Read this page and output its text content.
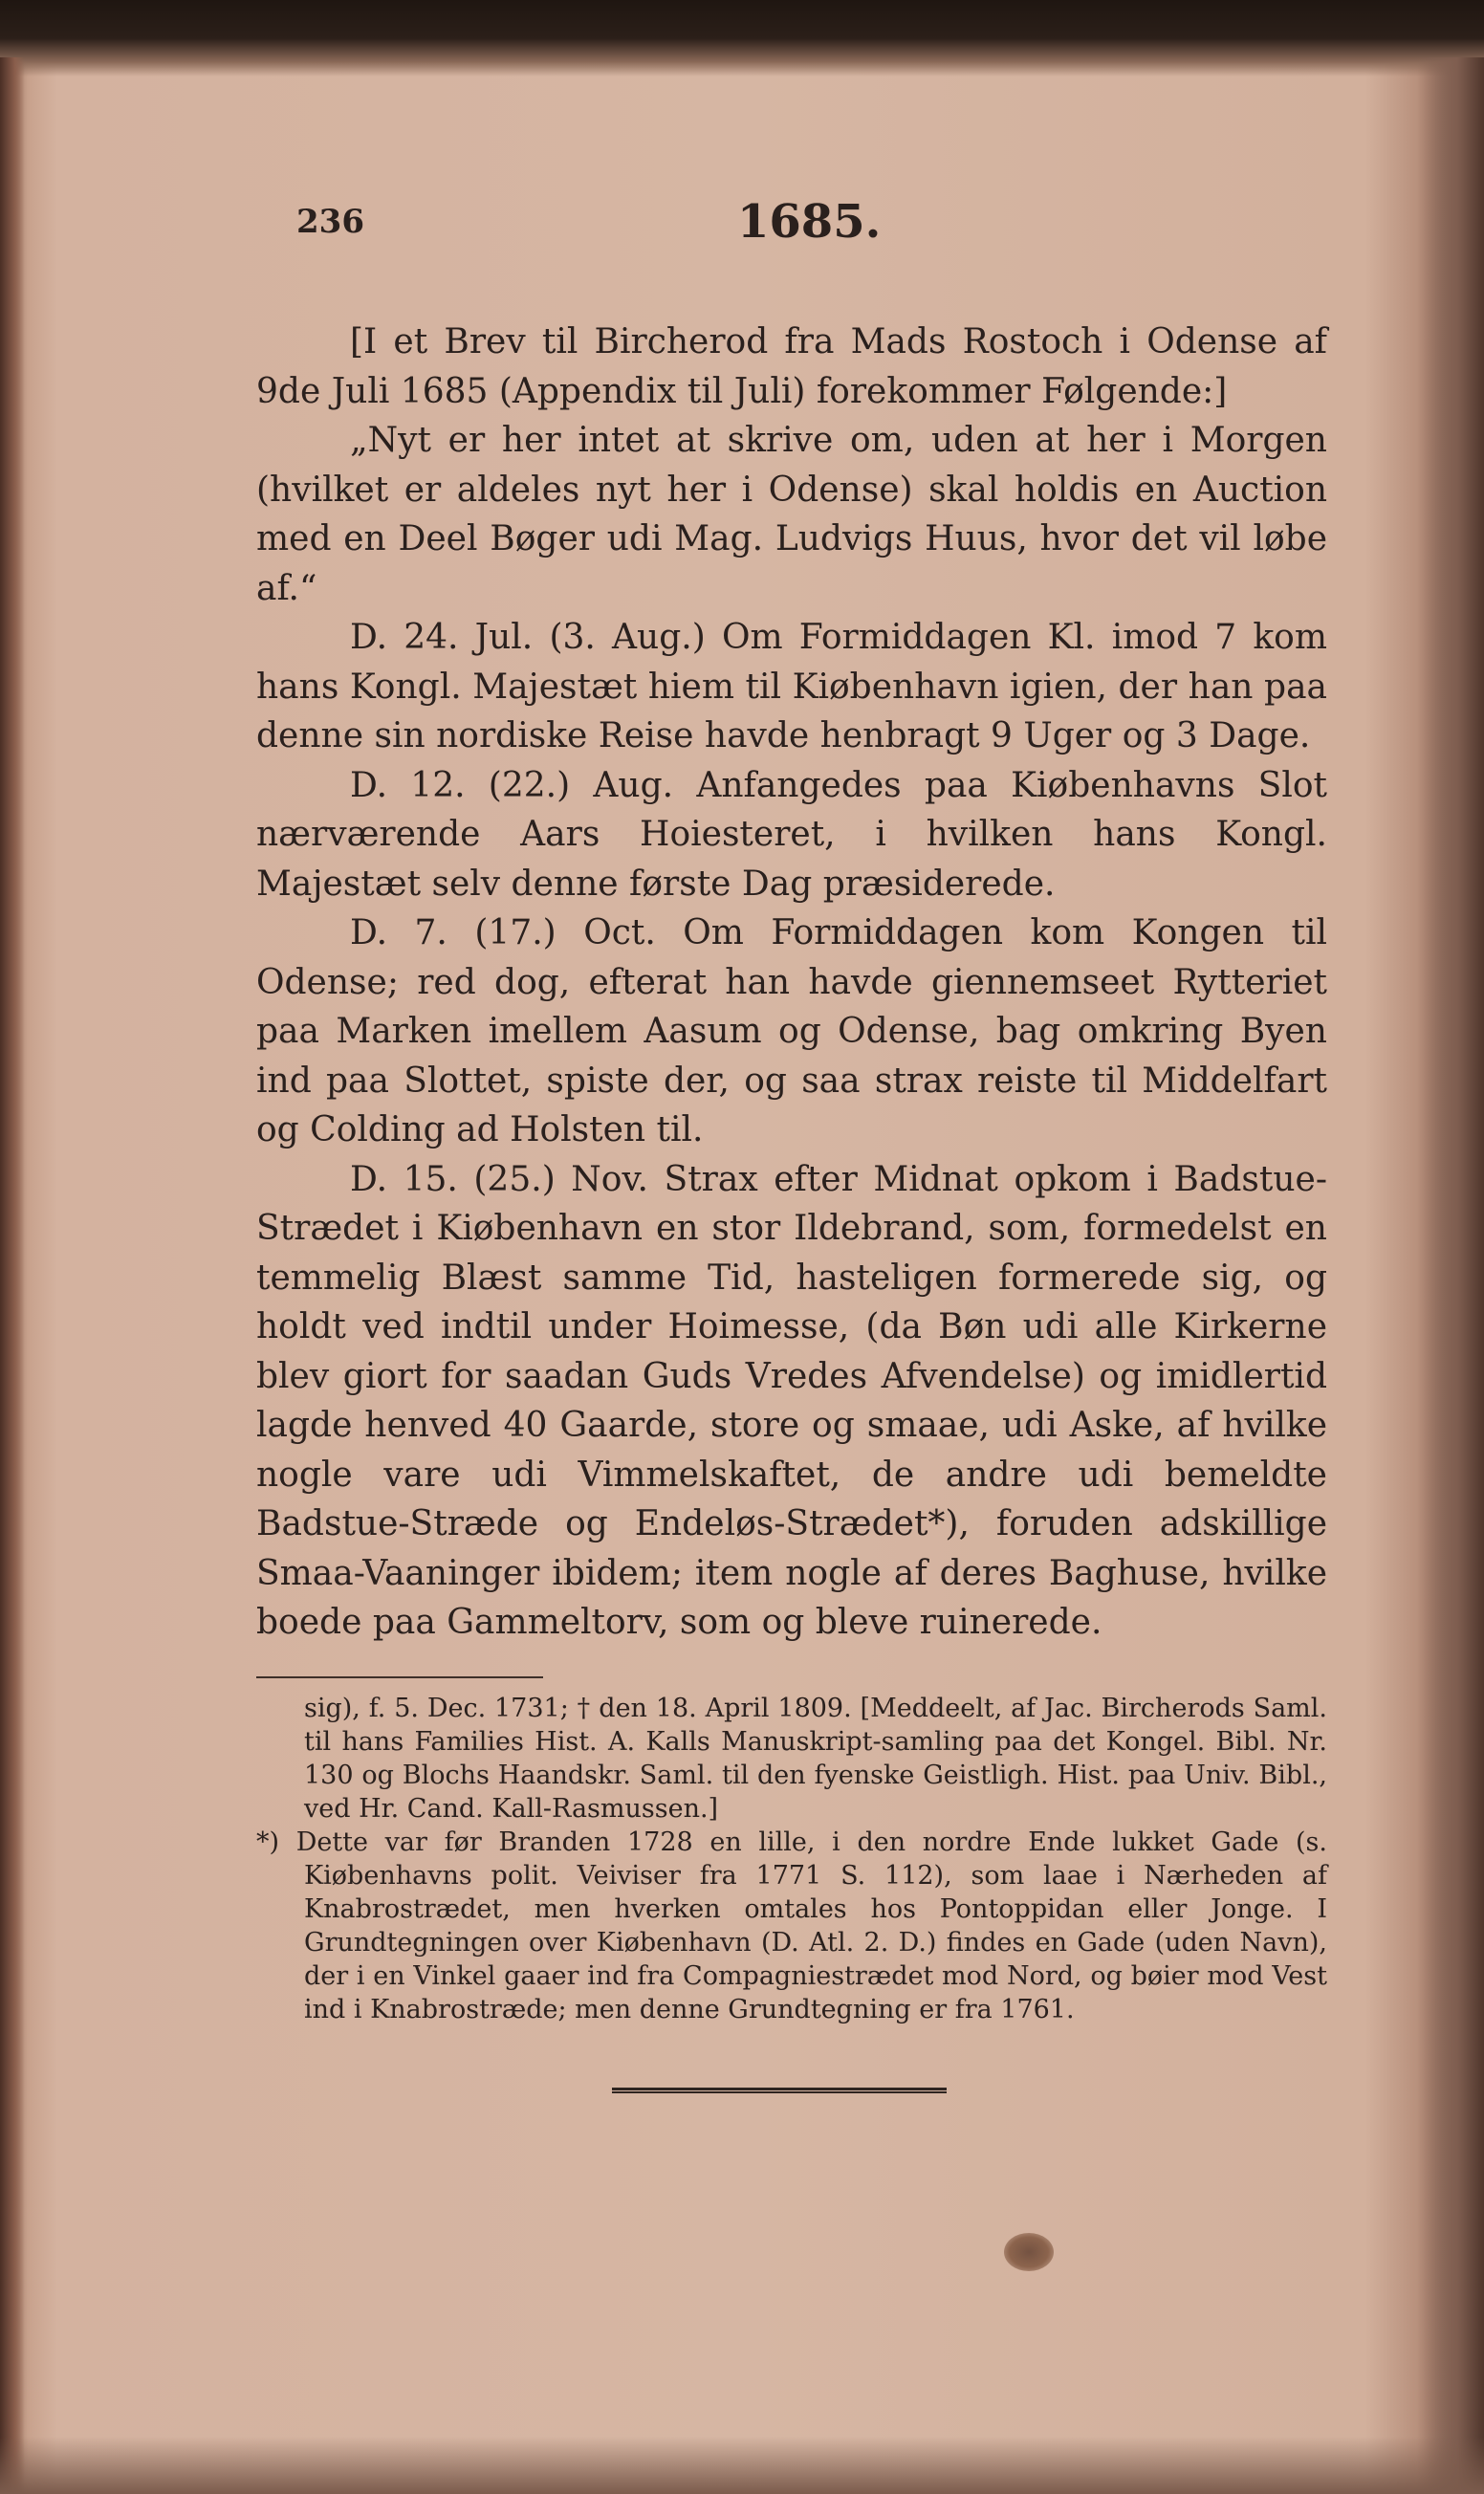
236	1685.

[I et Brev til Bircherod fra Mads Rostoch i Odense af 9de Juli 1685 (Appendix til Juli) forekommer Følgende:]

„Nyt er her intet at skrive om, uden at her i Morgen (hvilket er aldeles nyt her i Odense) skal holdis en Auction med en Deel Bøger udi Mag. Ludvigs Huus, hvor det vil løbe af.“

D. 24. Jul. (3. Aug.) Om Formiddagen Kl. imod 7 kom hans Kongl. Majestæt hiem til Kiøbenhavn igien, der han paa denne sin nordiske Reise havde henbragt 9 Uger og 3 Dage.

D. 12. (22.) Aug. Anfangedes paa Kiøbenhavns Slot nærværende Aars Hoiesteret, i hvilken hans Kongl. Majestæt selv denne første Dag præsiderede.

D. 7. (17.) Oct. Om Formiddagen kom Kongen til Odense; red dog, efterat han havde giennemseet Rytteriet paa Marken imellem Aasum og Odense, bag omkring Byen ind paa Slottet, spiste der, og saa strax reiste til Middelfart og Colding ad Holsten til.

D. 15. (25.) Nov. Strax efter Midnat opkom i Badstue-Strædet i Kiøbenhavn en stor Ildebrand, som, formedelst en temmelig Blæst samme Tid, hasteligen formerede sig, og holdt ved indtil under Hoimesse, (da Bøn udi alle Kirkerne blev giort for saadan Guds Vredes Afvendelse) og imidlertid lagde henved 40 Gaarde, store og smaae, udi Aske, af hvilke nogle vare udi Vimmelskaftet, de andre udi bemeldte Badstue-Stræde og Endeløs-Strædet*), foruden adskillige Smaa-Vaaninger ibidem; item nogle af deres Baghuse, hvilke boede paa Gammeltorv, som og bleve ruinerede.

sig), f. 5. Dec. 1731; † den 18. April 1809. [Meddeelt, af Jac. Bircherods Saml. til hans Families Hist. A. Kalls Manuskript-samling paa det Kongel. Bibl. Nr. 130 og Blochs Haandskr. Saml. til den fyenske Geistligh. Hist. paa Univ. Bibl., ved Hr. Cand. Kall-Rasmussen.]

*) Dette var før Branden 1728 en lille, i den nordre Ende lukket Gade (s. Kiøbenhavns polit. Veiviser fra 1771 S. 112), som laae i Nærheden af Knabrostrædet, men hverken omtales hos Pontoppidan eller Jonge. I Grundtegningen over Kiøbenhavn (D. Atl. 2. D.) findes en Gade (uden Navn), der i en Vinkel gaaer ind fra Compagniestrædet mod Nord, og bøier mod Vest ind i Knabrostræde; men denne Grundtegning er fra 1761.
